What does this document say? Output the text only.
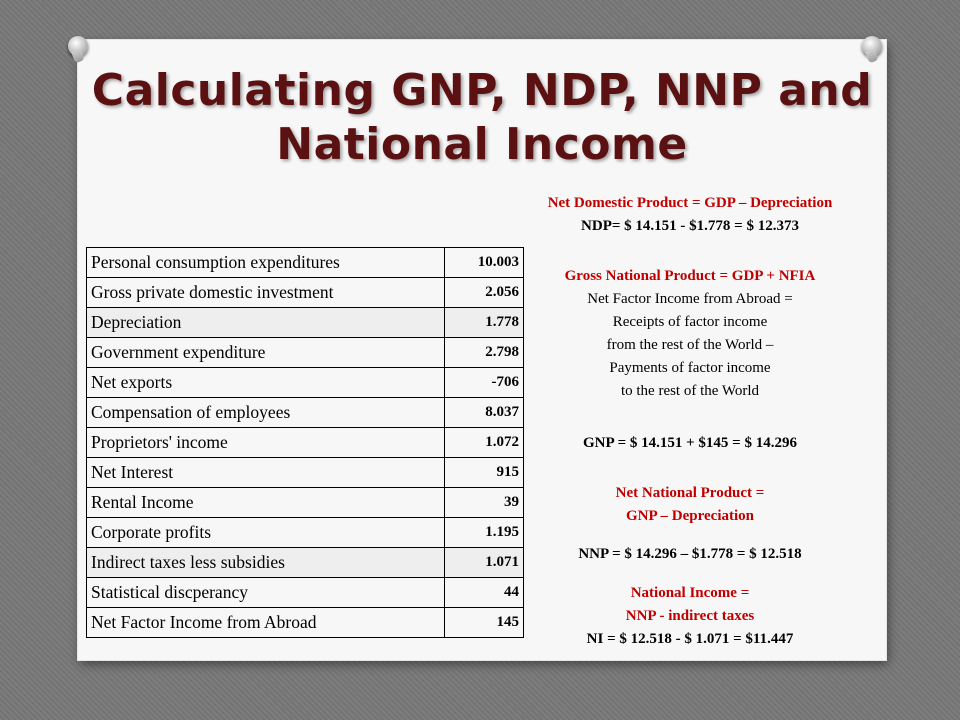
Calculating GNP, NDP, NNP and
National Income
Personal consumption expenditures	10.003
Gross private domestic investment	2.056
Depreciation	1.778
Government expenditure	2.798
Net exports	-706
Compensation of employees	8.037
Proprietors' income	1.072
Net Interest	915
Rental Income	39
Corporate profits	1.195
Indirect taxes less subsidies	1.071
Statistical discperancy	44
Net Factor Income from Abroad	145
Net Domestic Product = GDP – Depreciation
NDP= $ 14.151 - $1.778 = $ 12.373
Gross National Product = GDP + NFIA
Net Factor Income from Abroad =
Receipts of factor income
from the rest of the World –
Payments of factor income
to the rest of the World
GNP = $ 14.151 + $145 = $ 14.296
Net National Product =
GNP – Depreciation
NNP = $ 14.296 – $1.778 = $ 12.518
National Income =
NNP - indirect taxes
NI = $ 12.518 - $ 1.071 = $11.447
